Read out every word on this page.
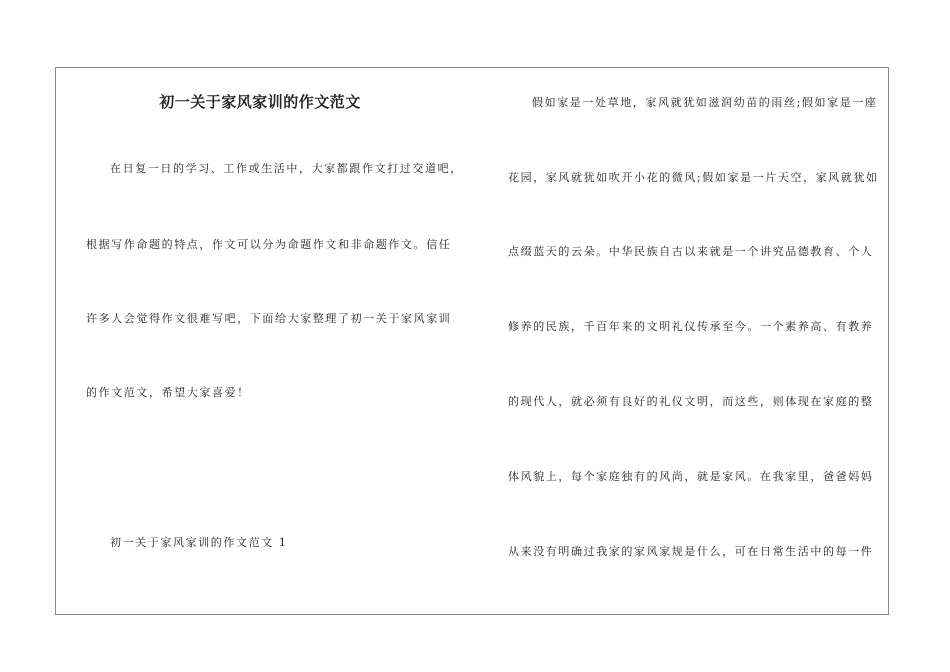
初一关于家风家训的作文范文

在日复一日的学习、工作或生活中，大家都跟作文打过交道吧，

根据写作命题的特点，作文可以分为命题作文和非命题作文。信任

许多人会觉得作文很难写吧，下面给大家整理了初一关于家风家训

的作文范文，希望大家喜爱！

初一关于家风家训的作文范文 1

假如家是一处草地，家风就犹如滋润幼苗的雨丝;假如家是一座

花园，家风就犹如吹开小花的微风;假如家是一片天空，家风就犹如

点缀蓝天的云朵。中华民族自古以来就是一个讲究品德教育、个人

修养的民族，千百年来的文明礼仪传承至今。一个素养高、有教养

的现代人，就必须有良好的礼仪文明，而这些，则体现在家庭的整

体风貌上，每个家庭独有的风尚，就是家风。在我家里，爸爸妈妈

从来没有明确过我家的家风家规是什么，可在日常生活中的每一件
